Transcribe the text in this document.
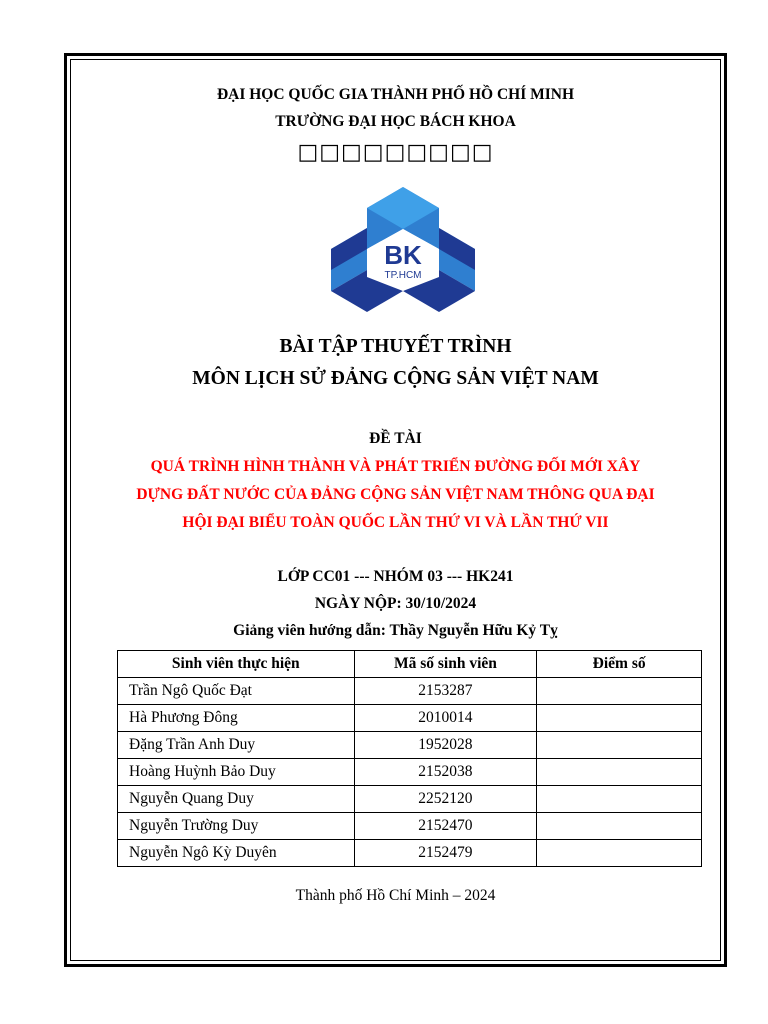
ĐẠI HỌC QUỐC GIA THÀNH PHỐ HỒ CHÍ MINH
TRƯỜNG ĐẠI HỌC BÁCH KHOA
□□□□□□□□□
BK
TP.HCM
BÀI TẬP THUYẾT TRÌNH
MÔN LỊCH SỬ ĐẢNG CỘNG SẢN VIỆT NAM
ĐỀ TÀI
QUÁ TRÌNH HÌNH THÀNH VÀ PHÁT TRIỂN ĐƯỜNG ĐỐI MỚI XÂY
DỰNG ĐẤT NƯỚC CỦA ĐẢNG CỘNG SẢN VIỆT NAM THÔNG QUA ĐẠI
HỘI ĐẠI BIỂU TOÀN QUỐC LẦN THỨ VI VÀ LẦN THỨ VII
LỚP CC01 --- NHÓM 03 --- HK241
NGÀY NỘP: 30/10/2024
Giảng viên hướng dẫn: Thầy Nguyễn Hữu Kỷ Tỵ
Sinh viên thực hiện	Mã số sinh viên	Điểm số
Trần Ngô Quốc Đạt	2153287	
Hà Phương Đông	2010014	
Đặng Trần Anh Duy	1952028	
Hoàng Huỳnh Bảo Duy	2152038	
Nguyễn Quang Duy	2252120	
Nguyễn Trường Duy	2152470	
Nguyễn Ngô Kỳ Duyên	2152479	
Thành phố Hồ Chí Minh – 2024
